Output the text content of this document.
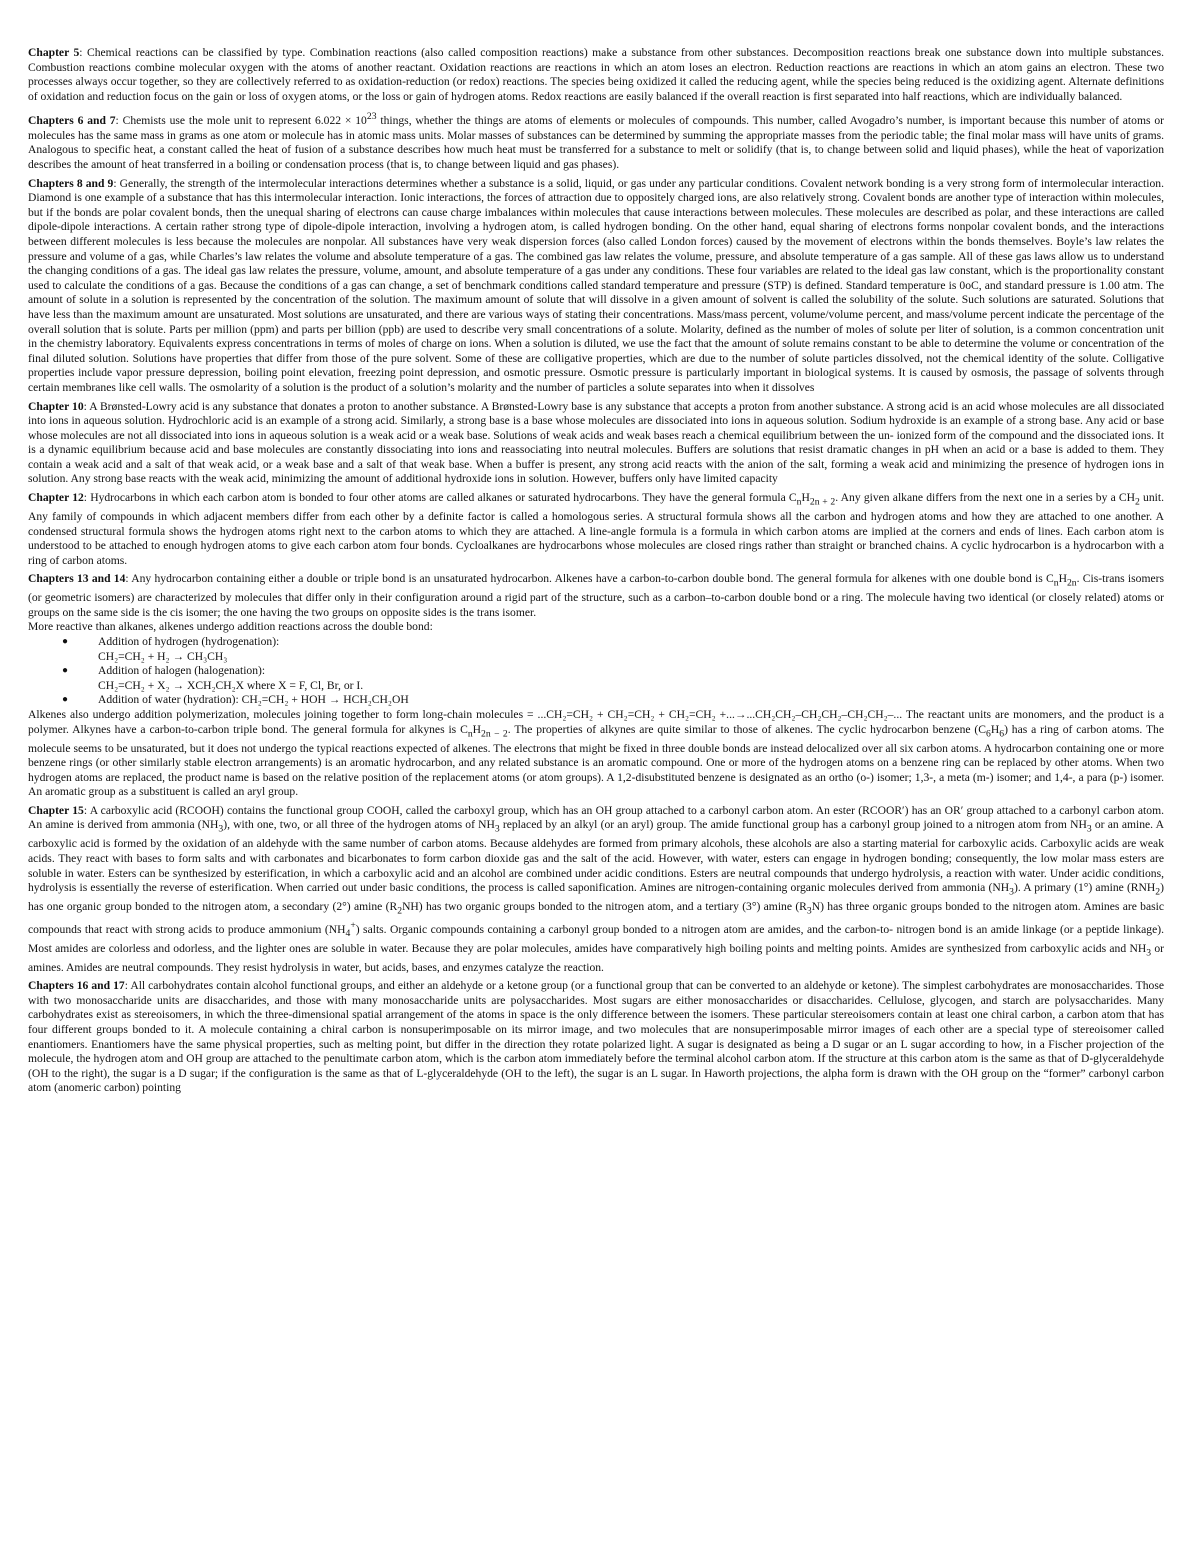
Chapter 5: Chemical reactions can be classified by type. Combination reactions (also called composition reactions) make a substance from other substances. Decomposition reactions break one substance down into multiple substances. Combustion reactions combine molecular oxygen with the atoms of another reactant. Oxidation reactions are reactions in which an atom loses an electron. Reduction reactions are reactions in which an atom gains an electron. These two processes always occur together, so they are collectively referred to as oxidation-reduction (or redox) reactions. The species being oxidized it called the reducing agent, while the species being reduced is the oxidizing agent. Alternate definitions of oxidation and reduction focus on the gain or loss of oxygen atoms, or the loss or gain of hydrogen atoms. Redox reactions are easily balanced if the overall reaction is first separated into half reactions, which are individually balanced.

Chapters 6 and 7: Chemists use the mole unit to represent $6.022 \times 10^{23}$ things, whether the things are atoms of elements or molecules of compounds. This number, called Avogadro’s number, is important because this number of atoms or molecules has the same mass in grams as one atom or molecule has in atomic mass units. Molar masses of substances can be determined by summing the appropriate masses from the periodic table; the final molar mass will have units of grams. Analogous to specific heat, a constant called the heat of fusion of a substance describes how much heat must be transferred for a substance to melt or solidify (that is, to change between solid and liquid phases), while the heat of vaporization describes the amount of heat transferred in a boiling or condensation process (that is, to change between liquid and gas phases).

Chapters 8 and 9: Generally, the strength of the intermolecular interactions determines whether a substance is a solid, liquid, or gas under any particular conditions. Covalent network bonding is a very strong form of intermolecular interaction. Diamond is one example of a substance that has this intermolecular interaction. Ionic interactions, the forces of attraction due to oppositely charged ions, are also relatively strong. Covalent bonds are another type of interaction within molecules, but if the bonds are polar covalent bonds, then the unequal sharing of electrons can cause charge imbalances within molecules that cause interactions between molecules. These molecules are described as polar, and these interactions are called dipole-dipole interactions. A certain rather strong type of dipole-dipole interaction, involving a hydrogen atom, is called hydrogen bonding. On the other hand, equal sharing of electrons forms nonpolar covalent bonds, and the interactions between different molecules is less because the molecules are nonpolar. All substances have very weak dispersion forces (also called London forces) caused by the movement of electrons within the bonds themselves. Boyle’s law relates the pressure and volume of a gas, while Charles’s law relates the volume and absolute temperature of a gas. The combined gas law relates the volume, pressure, and absolute temperature of a gas sample. All of these gas laws allow us to understand the changing conditions of a gas. The ideal gas law relates the pressure, volume, amount, and absolute temperature of a gas under any conditions. These four variables are related to the ideal gas law constant, which is the proportionality constant used to calculate the conditions of a gas. Because the conditions of a gas can change, a set of benchmark conditions called standard temperature and pressure (STP) is defined. Standard temperature is 0oC, and standard pressure is 1.00 atm. The amount of solute in a solution is represented by the concentration of the solution. The maximum amount of solute that will dissolve in a given amount of solvent is called the solubility of the solute. Such solutions are saturated. Solutions that have less than the maximum amount are unsaturated. Most solutions are unsaturated, and there are various ways of stating their concentrations. Mass/mass percent, volume/volume percent, and mass/volume percent indicate the percentage of the overall solution that is solute. Parts per million (ppm) and parts per billion (ppb) are used to describe very small concentrations of a solute. Molarity, defined as the number of moles of solute per liter of solution, is a common concentration unit in the chemistry laboratory. Equivalents express concentrations in terms of moles of charge on ions. When a solution is diluted, we use the fact that the amount of solute remains constant to be able to determine the volume or concentration of the final diluted solution. Solutions have properties that differ from those of the pure solvent. Some of these are colligative properties, which are due to the number of solute particles dissolved, not the chemical identity of the solute. Colligative properties include vapor pressure depression, boiling point elevation, freezing point depression, and osmotic pressure. Osmotic pressure is particularly important in biological systems. It is caused by osmosis, the passage of solvents through certain membranes like cell walls. The osmolarity of a solution is the product of a solution’s molarity and the number of particles a solute separates into when it dissolves

Chapter 10: A Brønsted-Lowry acid is any substance that donates a proton to another substance. A Brønsted-Lowry base is any substance that accepts a proton from another substance. A strong acid is an acid whose molecules are all dissociated into ions in aqueous solution. Hydrochloric acid is an example of a strong acid. Similarly, a strong base is a base whose molecules are dissociated into ions in aqueous solution. Sodium hydroxide is an example of a strong base. Any acid or base whose molecules are not all dissociated into ions in aqueous solution is a weak acid or a weak base. Solutions of weak acids and weak bases reach a chemical equilibrium between the un- ionized form of the compound and the dissociated ions. It is a dynamic equilibrium because acid and base molecules are constantly dissociating into ions and reassociating into neutral molecules. Buffers are solutions that resist dramatic changes in pH when an acid or a base is added to them. They contain a weak acid and a salt of that weak acid, or a weak base and a salt of that weak base. When a buffer is present, any strong acid reacts with the anion of the salt, forming a weak acid and minimizing the presence of hydrogen ions in solution. Any strong base reacts with the weak acid, minimizing the amount of additional hydroxide ions in solution. However, buffers only have limited capacity

Chapter 12: Hydrocarbons in which each carbon atom is bonded to four other atoms are called alkanes or saturated hydrocarbons. They have the general formula $C_nH_{2n + 2}$. Any given alkane differs from the next one in a series by a $CH_2$ unit. Any family of compounds in which adjacent members differ from each other by a definite factor is called a homologous series. A structural formula shows all the carbon and hydrogen atoms and how they are attached to one another. A condensed structural formula shows the hydrogen atoms right next to the carbon atoms to which they are attached. A line-angle formula is a formula in which carbon atoms are implied at the corners and ends of lines. Each carbon atom is understood to be attached to enough hydrogen atoms to give each carbon atom four bonds. Cycloalkanes are hydrocarbons whose molecules are closed rings rather than straight or branched chains. A cyclic hydrocarbon is a hydrocarbon with a ring of carbon atoms.

Chapters 13 and 14: Any hydrocarbon containing either a double or triple bond is an unsaturated hydrocarbon. Alkenes have a carbon-to-carbon double bond. The general formula for alkenes with one double bond is $C_nH_{2n}$. Cis-trans isomers (or geometric isomers) are characterized by molecules that differ only in their configuration around a rigid part of the structure, such as a carbon–to-carbon double bond or a ring. The molecule having two identical (or closely related) atoms or groups on the same side is the cis isomer; the one having the two groups on opposite sides is the trans isomer.
More reactive than alkanes, alkenes undergo addition reactions across the double bond:
● Addition of hydrogen (hydrogenation):
CH₂=CH₂ + H₂ → CH₃CH₃
● Addition of halogen (halogenation):
CH₂=CH₂ + X₂ → XCH₂CH₂X where X = F, Cl, Br, or I.
● Addition of water (hydration): CH₂=CH₂ + HOH → HCH₂CH₂OH
Alkenes also undergo addition polymerization, molecules joining together to form long-chain molecules = ...CH₂=CH₂ + CH₂=CH₂ + CH₂=CH₂ +...→...CH₂CH₂–CH₂CH₂–CH₂CH₂–... The reactant units are monomers, and the product is a polymer. Alkynes have a carbon-to-carbon triple bond. The general formula for alkynes is $C_nH_{2n - 2}$. The properties of alkynes are quite similar to those of alkenes. The cyclic hydrocarbon benzene $(C_6H_6)$ has a ring of carbon atoms. The molecule seems to be unsaturated, but it does not undergo the typical reactions expected of alkenes. The electrons that might be fixed in three double bonds are instead delocalized over all six carbon atoms. A hydrocarbon containing one or more benzene rings (or other similarly stable electron arrangements) is an aromatic hydrocarbon, and any related substance is an aromatic compound. One or more of the hydrogen atoms on a benzene ring can be replaced by other atoms. When two hydrogen atoms are replaced, the product name is based on the relative position of the replacement atoms (or atom groups). A 1,2-disubstituted benzene is designated as an ortho (o-) isomer; 1,3-, a meta (m-) isomer; and 1,4-, a para (p-) isomer. An aromatic group as a substituent is called an aryl group.

Chapter 15: A carboxylic acid (RCOOH) contains the functional group COOH, called the carboxyl group, which has an OH group attached to a carbonyl carbon atom. An ester (RCOOR′) has an OR′ group attached to a carbonyl carbon atom. An amine is derived from ammonia $(NH_3)$, with one, two, or all three of the hydrogen atoms of $NH_3$ replaced by an alkyl (or an aryl) group. The amide functional group has a carbonyl group joined to a nitrogen atom from $NH_3$ or an amine. A carboxylic acid is formed by the oxidation of an aldehyde with the same number of carbon atoms. Because aldehydes are formed from primary alcohols, these alcohols are also a starting material for carboxylic acids. Carboxylic acids are weak acids. They react with bases to form salts and with carbonates and bicarbonates to form carbon dioxide gas and the salt of the acid. However, with water, esters can engage in hydrogen bonding; consequently, the low molar mass esters are soluble in water. Esters can be synthesized by esterification, in which a carboxylic acid and an alcohol are combined under acidic conditions. Esters are neutral compounds that undergo hydrolysis, a reaction with water. Under acidic conditions, hydrolysis is essentially the reverse of esterification. When carried out under basic conditions, the process is called saponification. Amines are nitrogen-containing organic molecules derived from ammonia $(NH_3)$. A primary (1°) amine $(RNH_2)$ has one organic group bonded to the nitrogen atom, a secondary (2°) amine $(R_2NH)$ has two organic groups bonded to the nitrogen atom, and a tertiary (3°) amine $(R_3N)$ has three organic groups bonded to the nitrogen atom. Amines are basic compounds that react with strong acids to produce ammonium $(NH_4^+)$ salts. Organic compounds containing a carbonyl group bonded to a nitrogen atom are amides, and the carbon-to- nitrogen bond is an amide linkage (or a peptide linkage). Most amides are colorless and odorless, and the lighter ones are soluble in water. Because they are polar molecules, amides have comparatively high boiling points and melting points. Amides are synthesized from carboxylic acids and $NH_3$ or amines. Amides are neutral compounds. They resist hydrolysis in water, but acids, bases, and enzymes catalyze the reaction.

Chapters 16 and 17: All carbohydrates contain alcohol functional groups, and either an aldehyde or a ketone group (or a functional group that can be converted to an aldehyde or ketone). The simplest carbohydrates are monosaccharides. Those with two monosaccharide units are disaccharides, and those with many monosaccharide units are polysaccharides. Most sugars are either monosaccharides or disaccharides. Cellulose, glycogen, and starch are polysaccharides. Many carbohydrates exist as stereoisomers, in which the three-dimensional spatial arrangement of the atoms in space is the only difference between the isomers. These particular stereoisomers contain at least one chiral carbon, a carbon atom that has four different groups bonded to it. A molecule containing a chiral carbon is nonsuperimposable on its mirror image, and two molecules that are nonsuperimposable mirror images of each other are a special type of stereoisomer called enantiomers. Enantiomers have the same physical properties, such as melting point, but differ in the direction they rotate polarized light. A sugar is designated as being a D sugar or an L sugar according to how, in a Fischer projection of the molecule, the hydrogen atom and OH group are attached to the penultimate carbon atom, which is the carbon atom immediately before the terminal alcohol carbon atom. If the structure at this carbon atom is the same as that of D-glyceraldehyde (OH to the right), the sugar is a D sugar; if the configuration is the same as that of L-glyceraldehyde (OH to the left), the sugar is an L sugar. In Haworth projections, the alpha form is drawn with the OH group on the “former” carbonyl carbon atom (anomeric carbon) pointing
